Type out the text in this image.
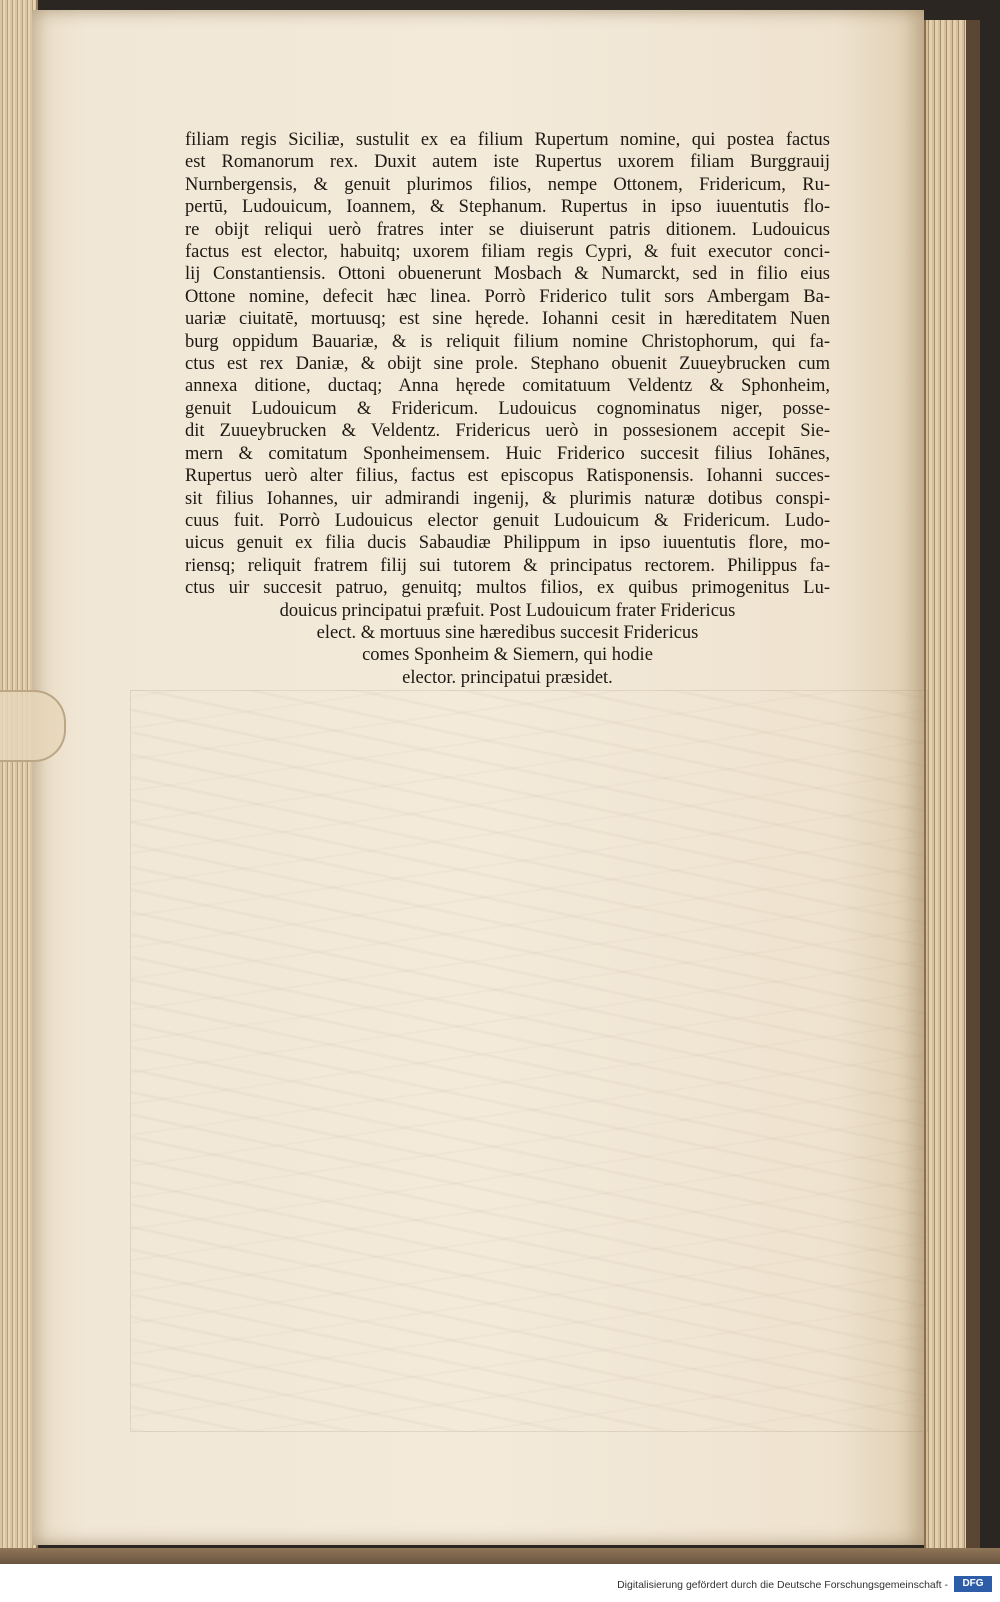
filiam regis Siciliæ, sustulit ex ea filium Rupertum nomine, qui postea factus
est Romanorum rex. Duxit autem iste Rupertus uxorem filiam Burggrauij
Nurnbergensis, & genuit plurimos filios, nempe Ottonem, Fridericum, Ru-
pertū, Ludouicum, Ioannem, & Stephanum. Rupertus in ipso iuuentutis flo-
re obijt reliqui uerò fratres inter se diuiserunt patris ditionem. Ludouicus
factus est elector, habuitq; uxorem filiam regis Cypri, & fuit executor conci-
lij Constantiensis. Ottoni obuenerunt Mosbach & Numarckt, sed in filio eius
Ottone nomine, defecit hæc linea. Porrò Friderico tulit sors Ambergam Ba-
uariæ ciuitatē, mortuusq; est sine hęrede. Iohanni cesit in hæreditatem Nuen
burg oppidum Bauariæ, & is reliquit filium nomine Christophorum, qui fa-
ctus est rex Daniæ, & obijt sine prole. Stephano obuenit Zuueybrucken cum
annexa ditione, ductaq; Anna hęrede comitatuum Veldentz & Sphonheim,
genuit Ludouicum & Fridericum. Ludouicus cognominatus niger, posse-
dit Zuueybrucken & Veldentz. Fridericus uerò in possesionem accepit Sie-
mern & comitatum Sponheimensem. Huic Friderico succesit filius Iohānes,
Rupertus uerò alter filius, factus est episcopus Ratisponensis. Iohanni succes-
sit filius Iohannes, uir admirandi ingenij, & plurimis naturæ dotibus conspi-
cuus fuit. Porrò Ludouicus elector genuit Ludouicum & Fridericum. Ludo-
uicus genuit ex filia ducis Sabaudiæ Philippum in ipso iuuentutis flore, mo-
riensq; reliquit fratrem filij sui tutorem & principatus rectorem. Philippus fa-
ctus uir succesit patruo, genuitq; multos filios, ex quibus primogenitus Lu-
douicus principatui præfuit. Post Ludouicum frater Fridericus
elect. & mortuus sine hæredibus succesit Fridericus
comes Sponheim & Siemern, qui hodie
elector. principatui præsidet.
Digitalisierung gefördert durch die Deutsche Forschungsgemeinschaft -	DFG
